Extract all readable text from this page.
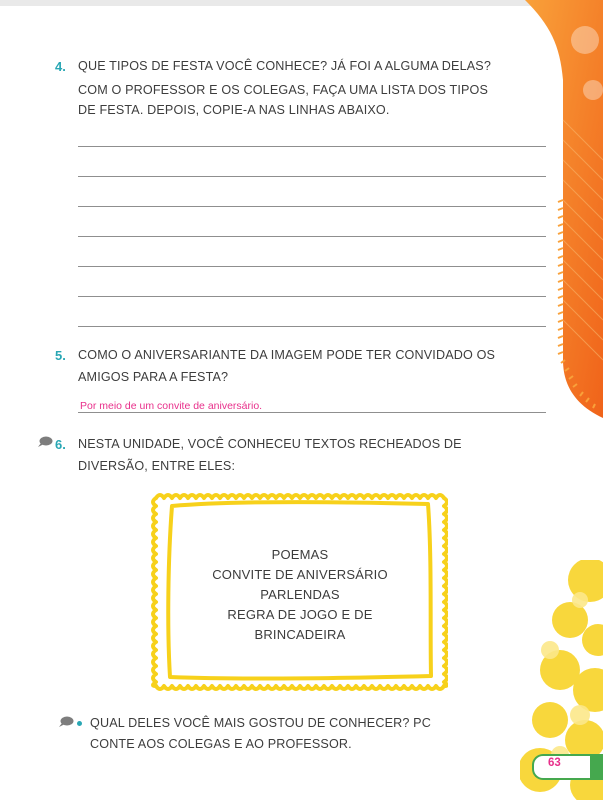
4. QUE TIPOS DE FESTA VOCÊ CONHECE? JÁ FOI A ALGUMA DELAS?
COM O PROFESSOR E OS COLEGAS, FAÇA UMA LISTA DOS TIPOS
DE FESTA. DEPOIS, COPIE-A NAS LINHAS ABAIXO.
5. COMO O ANIVERSARIANTE DA IMAGEM PODE TER CONVIDADO OS
AMIGOS PARA A FESTA?
Por meio de um convite de aniversário.
6. NESTA UNIDADE, VOCÊ CONHECEU TEXTOS RECHEADOS DE
DIVERSÃO, ENTRE ELES:
POEMAS
CONVITE DE ANIVERSÁRIO
PARLENDAS
REGRA DE JOGO E DE
BRINCADEIRA
QUAL DELES VOCÊ MAIS GOSTOU DE CONHECER? PC
CONTE AOS COLEGAS E AO PROFESSOR.
63
